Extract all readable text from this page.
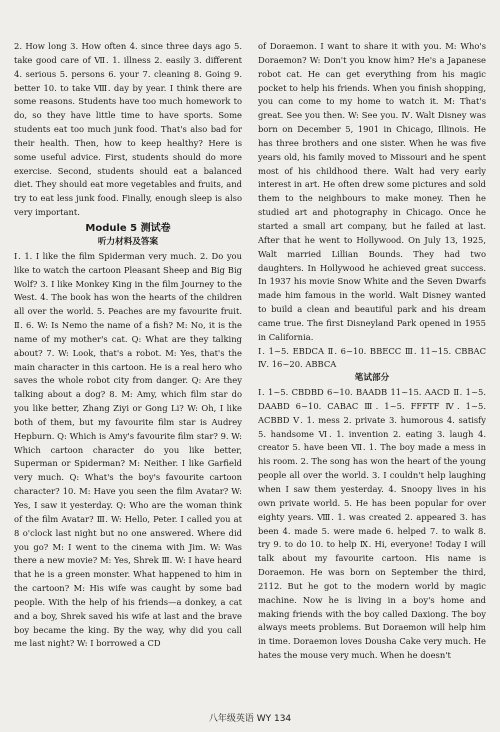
2. How long 3. How often 4. since three days ago 5. take good care of Ⅶ. 1. illness 2. easily 3. different 4. serious 5. persons 6. your 7. cleaning 8. Going 9. better 10. to take Ⅷ. day by year. I think there are some reasons. Students have too much homework to do, so they have little time to have sports. Some students eat too much junk food. That's also bad for their health. Then, how to keep healthy? Here is some useful advice. First, students should do more exercise. Second, students should eat a balanced diet. They should eat more vegetables and fruits, and try to eat less junk food. Finally, enough sleep is also very important.

Module 5 测试卷
听力材料及答案

Ⅰ. 1. I like the film Spiderman very much. 2. Do you like to watch the cartoon Pleasant Sheep and Big Big Wolf? 3. I like Monkey King in the film Journey to the West. 4. The book has won the hearts of the children all over the world. 5. Peaches are my favourite fruit. Ⅱ. 6. W: Is Nemo the name of a fish? M: No, it is the name of my mother's cat. Q: What are they talking about? 7. W: Look, that's a robot. M: Yes, that's the main character in this cartoon. He is a real hero who saves the whole robot city from danger. Q: Are they talking about a dog? 8. M: Amy, which film star do you like better, Zhang Ziyi or Gong Li? W: Oh, I like both of them, but my favourite film star is Audrey Hepburn. Q: Which is Amy's favourite film star? 9. W: Which cartoon character do you like better, Superman or Spiderman? M: Neither. I like Garfield very much. Q: What's the boy's favourite cartoon character? 10. M: Have you seen the film Avatar? W: Yes, I saw it yesterday. Q: Who are the woman think of the film Avatar? Ⅲ. W: Hello, Peter. I called you at 8 o'clock last night but no one answered. Where did you go? M: I went to the cinema with Jim. W: Was there a new movie? M: Yes, Shrek Ⅲ. W: I have heard that he is a green monster. What happened to him in the cartoon? M: His wife was caught by some bad people. With the help of his friends—a donkey, a cat and a boy, Shrek saved his wife at last and the brave boy became the king. By the way, why did you call me last night? W: I borrowed a CD

of Doraemon. I want to share it with you. M: Who's Doraemon? W: Don't you know him? He's a Japanese robot cat. He can get everything from his magic pocket to help his friends. When you finish shopping, you can come to my home to watch it. M: That's great. See you then. W: See you. Ⅳ. Walt Disney was born on December 5, 1901 in Chicago, Illinois. He has three brothers and one sister. When he was five years old, his family moved to Missouri and he spent most of his childhood there. Walt had very early interest in art. He often drew some pictures and sold them to the neighbours to make money. Then he studied art and photography in Chicago. Once he started a small art company, but he failed at last. After that he went to Hollywood. On July 13, 1925, Walt married Lillian Bounds. They had two daughters. In Hollywood he achieved great success. In 1937 his movie Snow White and the Seven Dwarfs made him famous in the world. Walt Disney wanted to build a clean and beautiful park and his dream came true. The first Disneyland Park opened in 1955 in California.

Ⅰ. 1~5. EBDCA Ⅱ. 6~10. BBECC Ⅲ. 11~15. CBBAC Ⅳ. 16~20. ABBCA

笔试部分

Ⅰ. 1~5. CBDBD 6~10. BAADB 11~15. AACD Ⅱ. 1~5. DAABD 6~10. CABAC Ⅲ. 1~5. FFFTF Ⅳ. 1~5. ACBBD Ⅴ. 1. mess 2. private 3. humorous 4. satisfy 5. handsome Ⅵ. 1. invention 2. eating 3. laugh 4. creator 5. have been Ⅶ. 1. The boy made a mess in his room. 2. The song has won the heart of the young people all over the world. 3. I couldn't help laughing when I saw them yesterday. 4. Snoopy lives in his own private world. 5. He has been popular for over eighty years. Ⅷ. 1. was created 2. appeared 3. has been 4. made 5. were made 6. helped 7. to walk 8. try 9. to do 10. to help Ⅸ. Hi, everyone! Today I will talk about my favourite cartoon. His name is Doraemon. He was born on September the third, 2112. But he got to the modern world by magic machine. Now he is living in a boy's home and making friends with the boy called Daxiong. The boy always meets problems. But Doraemon will help him in time. Doraemon loves Dousha Cake very much. He hates the mouse very much. When he doesn't

八年级英语 WY 134
